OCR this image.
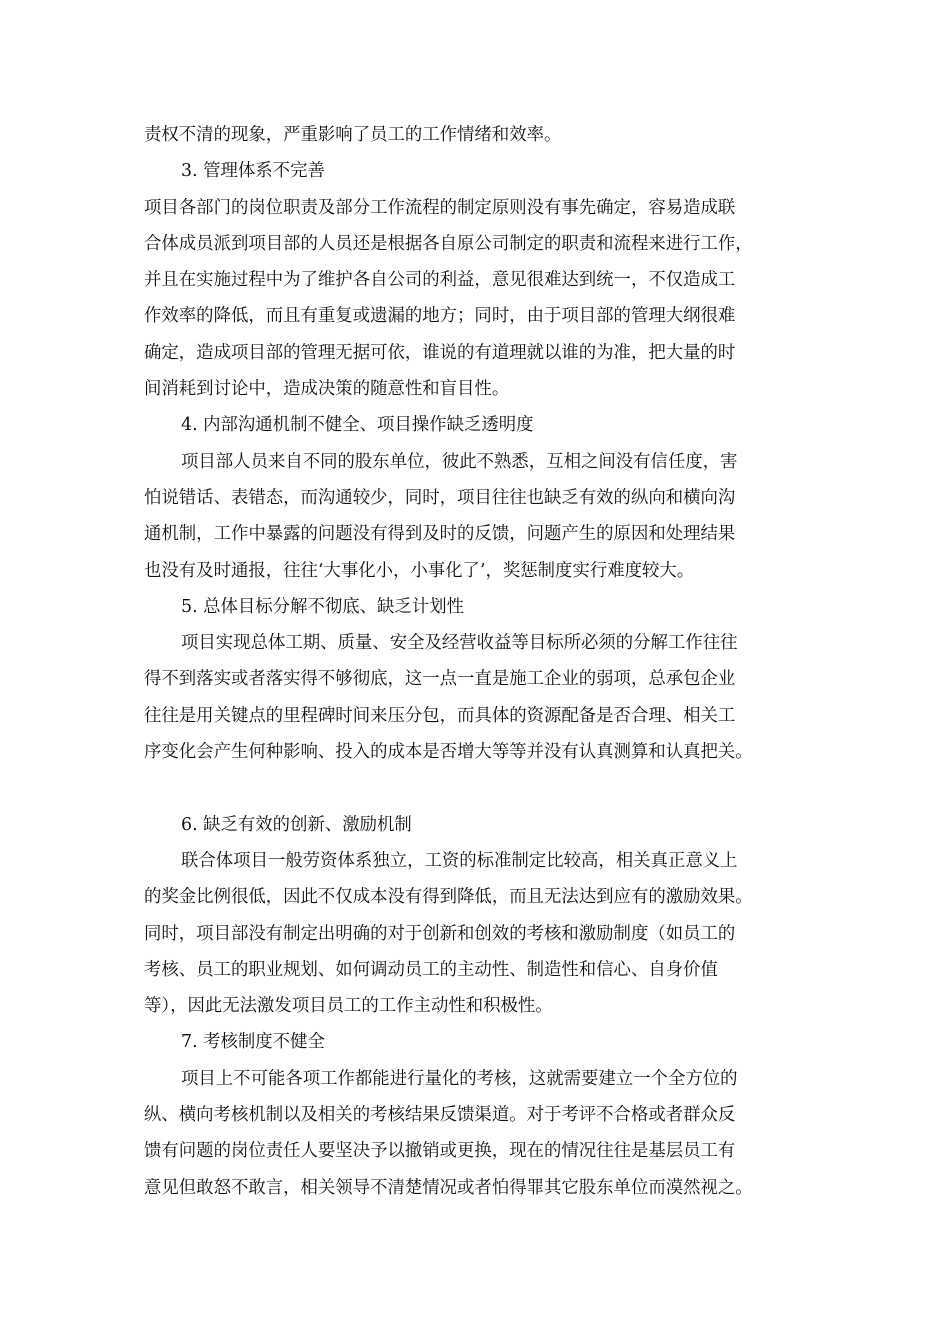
责权不清的现象，严重影响了员工的工作情绪和效率。
3. 管理体系不完善
项目各部门的岗位职责及部分工作流程的制定原则没有事先确定，容易造成联
合体成员派到项目部的人员还是根据各自原公司制定的职责和流程来进行工作，
并且在实施过程中为了维护各自公司的利益，意见很难达到统一，不仅造成工
作效率的降低，而且有重复或遗漏的地方；同时，由于项目部的管理大纲很难
确定，造成项目部的管理无据可依，谁说的有道理就以谁的为准，把大量的时
间消耗到讨论中，造成决策的随意性和盲目性。
4. 内部沟通机制不健全、项目操作缺乏透明度
项目部人员来自不同的股东单位，彼此不熟悉，互相之间没有信任度，害
怕说错话、表错态，而沟通较少，同时，项目往往也缺乏有效的纵向和横向沟
通机制，工作中暴露的问题没有得到及时的反馈，问题产生的原因和处理结果
也没有及时通报，往往‘大事化小，小事化了’，奖惩制度实行难度较大。
5. 总体目标分解不彻底、缺乏计划性
项目实现总体工期、质量、安全及经营收益等目标所必须的分解工作往往
得不到落实或者落实得不够彻底，这一点一直是施工企业的弱项，总承包企业
往往是用关键点的里程碑时间来压分包，而具体的资源配备是否合理、相关工
序变化会产生何种影响、投入的成本是否增大等等并没有认真测算和认真把关。
6. 缺乏有效的创新、激励机制
联合体项目一般劳资体系独立，工资的标准制定比较高，相关真正意义上
的奖金比例很低，因此不仅成本没有得到降低，而且无法达到应有的激励效果。
同时，项目部没有制定出明确的对于创新和创效的考核和激励制度（如员工的
考核、员工的职业规划、如何调动员工的主动性、制造性和信心、自身价值
等），因此无法激发项目员工的工作主动性和积极性。
7. 考核制度不健全
项目上不可能各项工作都能进行量化的考核，这就需要建立一个全方位的
纵、横向考核机制以及相关的考核结果反馈渠道。对于考评不合格或者群众反
馈有问题的岗位责任人要坚决予以撤销或更换，现在的情况往往是基层员工有
意见但敢怒不敢言，相关领导不清楚情况或者怕得罪其它股东单位而漠然视之。
